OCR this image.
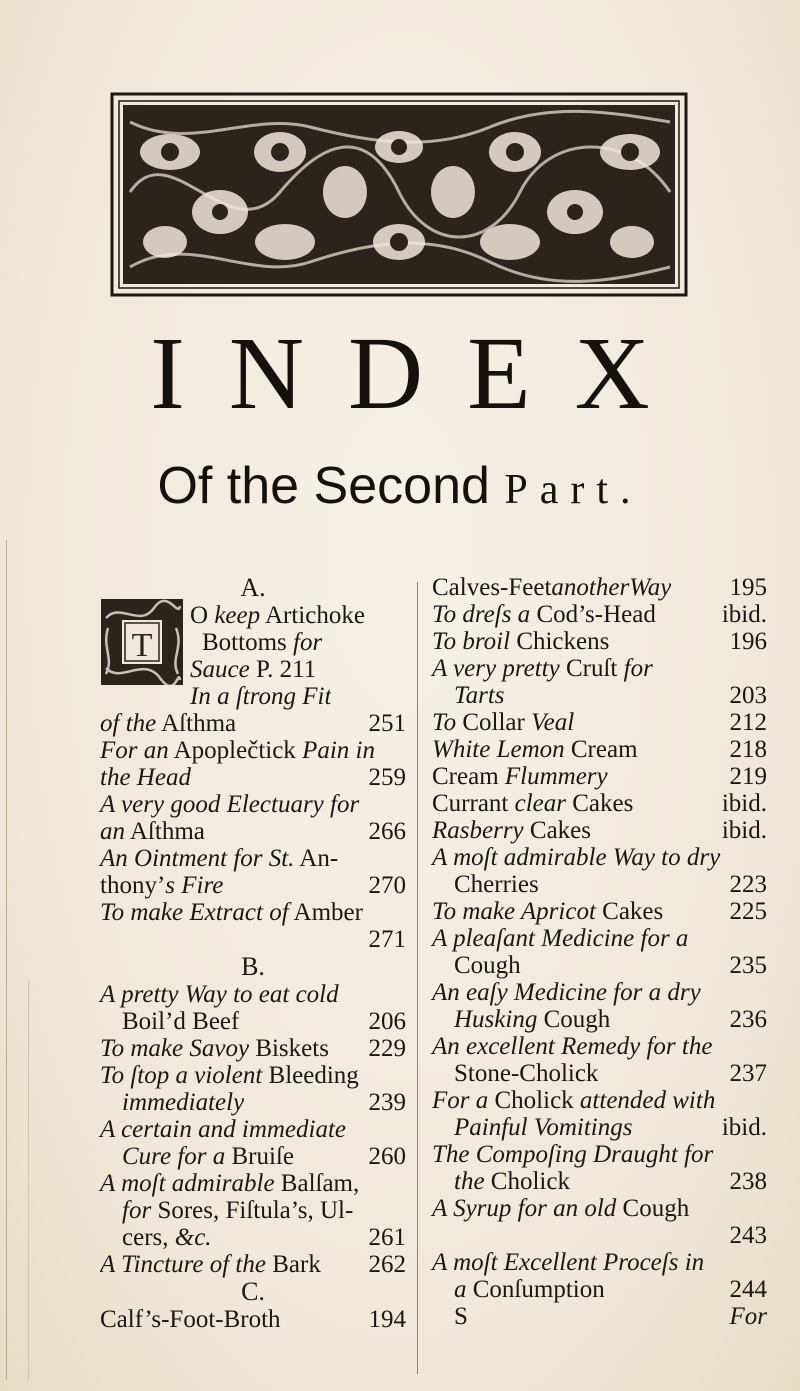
INDEX
Of the Second Part.
T
A.
O keep Artichoke
Bottoms for
Sauce P. 211
In a ſtrong Fit
of the Aſthma	251
For an Apoplečtick Pain in
the Head	259
A very good Electuary for
an Aſthma	266
An Ointment for St. An-
thony’s Fire	270
To make Extract of Amber
271
B.
A pretty Way to eat cold
Boil’d Beef	206
To make Savoy Biskets 229
To ſtop a violent Bleeding
immediately	239
A certain and immediate
Cure for a Bruiſe	260
A moſt admirable Balſam,
for Sores, Fiſtula’s, Ul-
cers, &c.	261
A Tincture of the Bark 262
C.
Calf’s-Foot-Broth	194
Calves-FeetanotherWay 195
To dreſs a Cod’s-Head	ibid.
To broil Chickens	196
A very pretty Cruſt for
Tarts	203
To Collar Veal	212
White Lemon Cream	218
Cream Flummery	219
Currant clear Cakes	ibid.
Rasberry Cakes	ibid.
A moſt admirable Way to dry
Cherries	223
To make Apricot Cakes	225
A pleaſant Medicine for a
Cough	235
An eaſy Medicine for a dry
Husking Cough	236
An excellent Remedy for the
Stone-Cholick	237
For a Cholick attended with
Painful Vomitings	ibid.
The Compoſing Draught for
the Cholick	238
A Syrup for an old Cough
243
A moſt Excellent Proceſs in
a Conſumption	244
S	For
